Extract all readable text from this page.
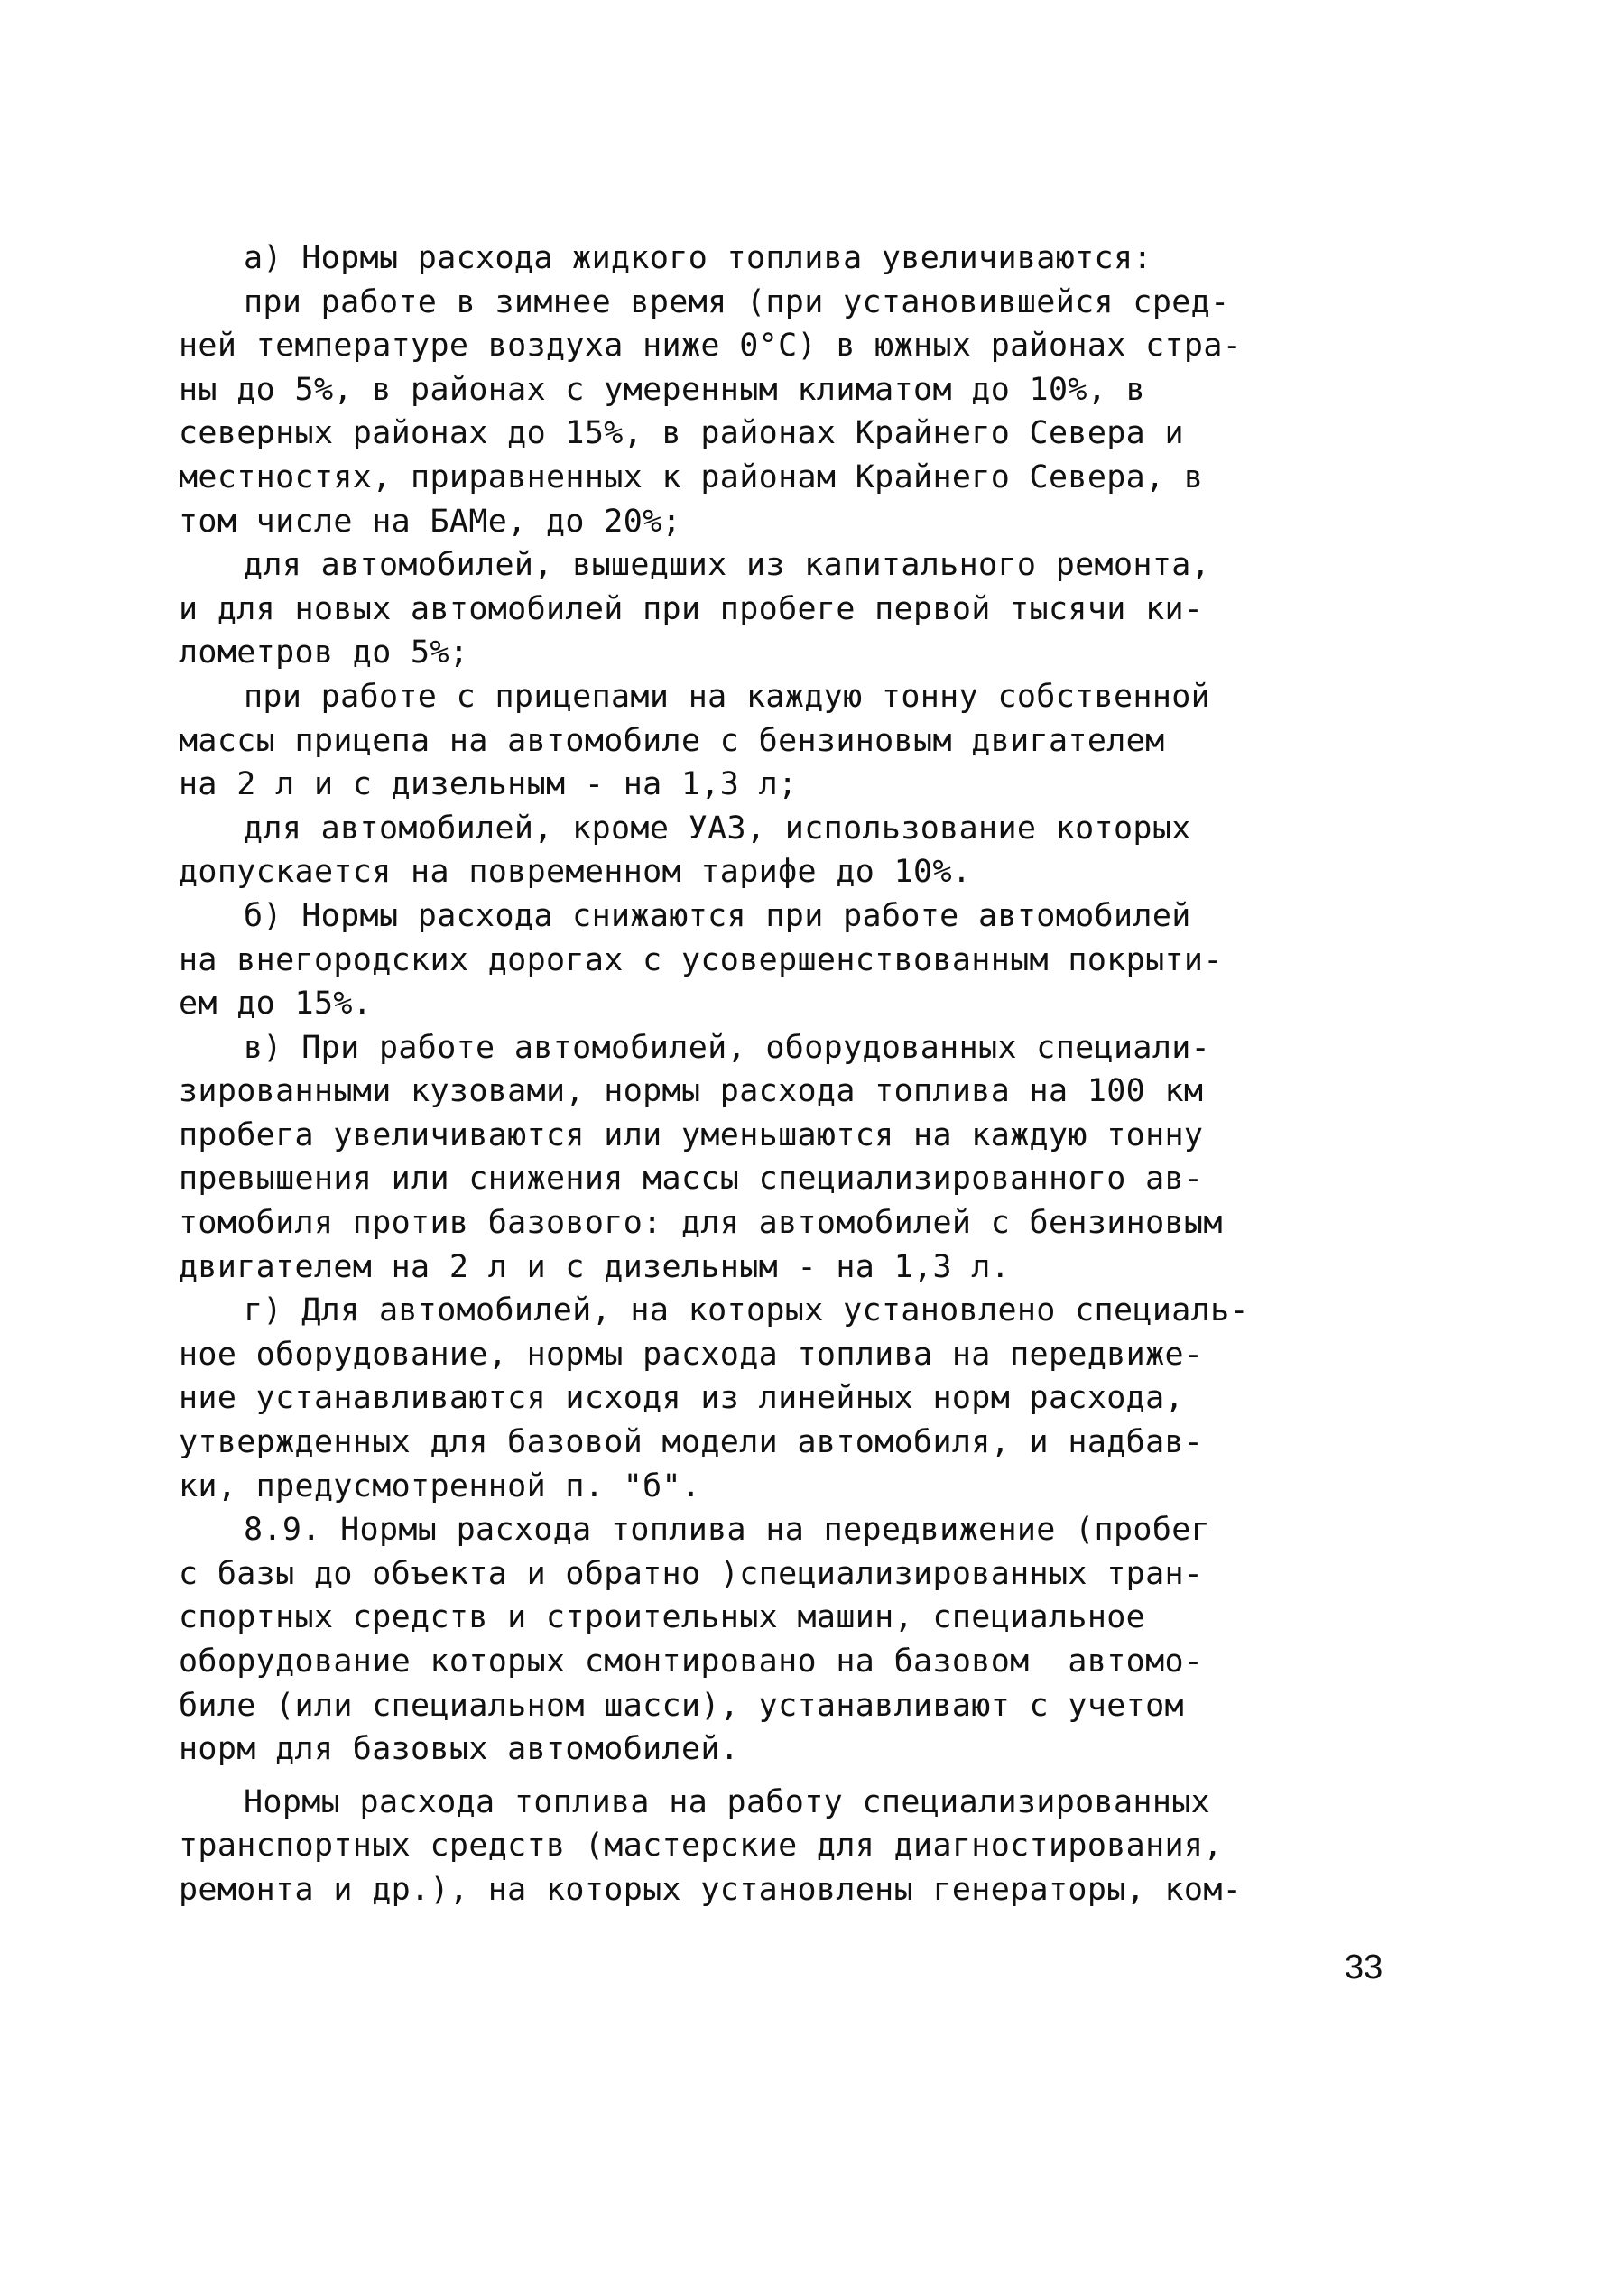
а) Нормы расхода жидкого топлива увеличиваются:
при работе в зимнее время (при установившейся сред-
ней температуре воздуха ниже 0°С) в южных районах стра-
ны до 5%, в районах с умеренным климатом до 10%, в
северных районах до 15%, в районах Крайнего Севера и
местностях, приравненных к районам Крайнего Севера, в
том числе на БАМе, до 20%;
для автомобилей, вышедших из капитального ремонта,
и для новых автомобилей при пробеге первой тысячи ки-
лометров до 5%;
при работе с прицепами на каждую тонну собственной
массы прицепа на автомобиле с бензиновым двигателем
на 2 л и с дизельным - на 1,3 л;
для автомобилей, кроме УАЗ, использование которых
допускается на повременном тарифе до 10%.
б) Нормы расхода снижаются при работе автомобилей
на внегородских дорогах с усовершенствованным покрыти-
ем до 15%.
в) При работе автомобилей, оборудованных специали-
зированными кузовами, нормы расхода топлива на 100 км
пробега увеличиваются или уменьшаются на каждую тонну
превышения или снижения массы специализированного ав-
томобиля против базового: для автомобилей с бензиновым
двигателем на 2 л и с дизельным - на 1,3 л.
г) Для автомобилей, на которых установлено специаль-
ное оборудование, нормы расхода топлива на передвиже-
ние устанавливаются исходя из линейных норм расхода,
утвержденных для базовой модели автомобиля, и надбав-
ки, предусмотренной п. "б".
8.9. Нормы расхода топлива на передвижение (пробег
с базы до объекта и обратно )специализированных тран-
спортных средств и строительных машин, специальное
оборудование которых смонтировано на базовом  автомо-
биле (или специальном шасси), устанавливают с учетом
норм для базовых автомобилей.
Нормы расхода топлива на работу специализированных
транспортных средств (мастерские для диагностирования,
ремонта и др.), на которых установлены генераторы, ком-
33
